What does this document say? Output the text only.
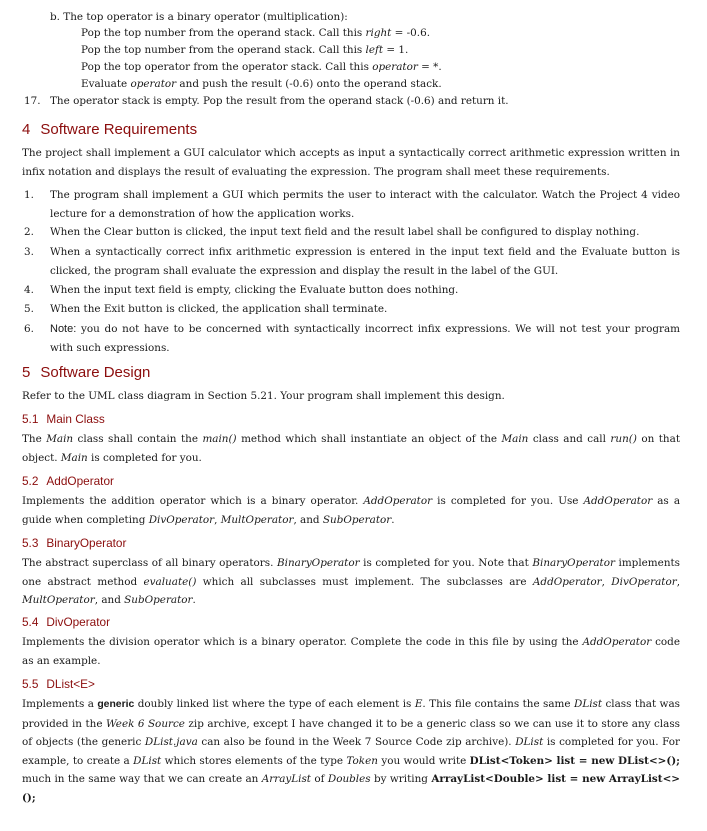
b. The top operator is a binary operator (multiplication):
Pop the top number from the operand stack. Call this right = -0.6.
Pop the top number from the operand stack. Call this left = 1.
Pop the top operator from the operator stack. Call this operator = *.
Evaluate operator and push the result (-0.6) onto the operand stack.
17. The operator stack is empty. Pop the result from the operand stack (-0.6) and return it.
4 Software Requirements
The project shall implement a GUI calculator which accepts as input a syntactically correct arithmetic expression written in infix notation and displays the result of evaluating the expression. The program shall meet these requirements.
1. The program shall implement a GUI which permits the user to interact with the calculator. Watch the Project 4 video lecture for a demonstration of how the application works.
2. When the Clear button is clicked, the input text field and the result label shall be configured to display nothing.
3. When a syntactically correct infix arithmetic expression is entered in the input text field and the Evaluate button is clicked, the program shall evaluate the expression and display the result in the label of the GUI.
4. When the input text field is empty, clicking the Evaluate button does nothing.
5. When the Exit button is clicked, the application shall terminate.
6. Note: you do not have to be concerned with syntactically incorrect infix expressions. We will not test your program with such expressions.
5 Software Design
Refer to the UML class diagram in Section 5.21. Your program shall implement this design.
5.1 Main Class
The Main class shall contain the main() method which shall instantiate an object of the Main class and call run() on that object. Main is completed for you.
5.2 AddOperator
Implements the addition operator which is a binary operator. AddOperator is completed for you. Use AddOperator as a guide when completing DivOperator, MultOperator, and SubOperator.
5.3 BinaryOperator
The abstract superclass of all binary operators. BinaryOperator is completed for you. Note that BinaryOperator implements one abstract method evaluate() which all subclasses must implement. The subclasses are AddOperator, DivOperator, MultOperator, and SubOperator.
5.4 DivOperator
Implements the division operator which is a binary operator. Complete the code in this file by using the AddOperator code as an example.
5.5 DList<E>
Implements a generic doubly linked list where the type of each element is E. This file contains the same DList class that was provided in the Week 6 Source zip archive, except I have changed it to be a generic class so we can use it to store any class of objects (the generic DList.java can also be found in the Week 7 Source Code zip archive). DList is completed for you. For example, to create a DList which stores elements of the type Token you would write DList<Token> list = new DList<>(); much in the same way that we can create an ArrayList of Doubles by writing ArrayList<Double> list = new ArrayList<>();
